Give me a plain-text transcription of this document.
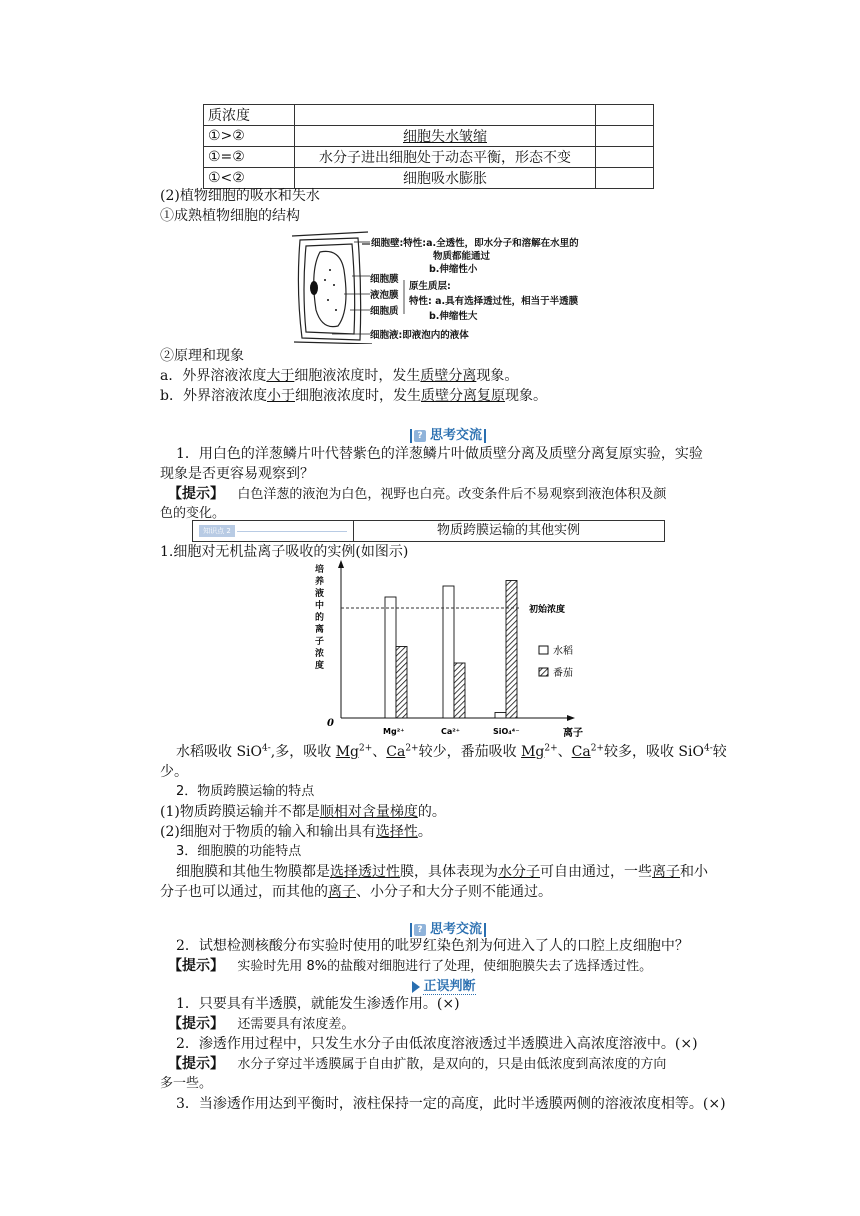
质浓度		
①>②	细胞失水皱缩	
①=②	水分子进出细胞处于动态平衡，形态不变	
①<②	细胞吸水膨胀	
(2)植物细胞的吸水和失水
①成熟植物细胞的结构
细胞壁:特性:a.全透性，即水分子和溶解在水里的
物质都能通过
b.伸缩性小
细胞膜
液泡膜
细胞质
原生质层:
特性: a.具有选择透过性，相当于半透膜
b.伸缩性大
细胞液:即液泡内的液体
②原理和现象
a．外界溶液浓度大于细胞液浓度时，发生质壁分离现象。
b．外界溶液浓度小于细胞液浓度时，发生质壁分离复原现象。
? 思考交流
1．用白色的洋葱鳞片叶代替紫色的洋葱鳞片叶做质壁分离及质壁分离复原实验，实验
现象是否更容易观察到？
【提示】 白色洋葱的液泡为白色，视野也白亮。改变条件后不易观察到液泡体积及颜
色的变化。
知识点 2	物质跨膜运输的其他实例
1.细胞对无机盐离子吸收的实例(如图示)
培
养
液
中
的
离
子
浓
度
0
离子
初始浓度
Mg²⁺	Ca²⁺	SiO₄⁴⁻
水稻
番茄
水稻吸收 SiO$^{4-}$,多，吸收 $Mg^{2+}$、$Ca^{2+}$较少，番茄吸收 $Mg^{2+}$、$Ca^{2+}$较多，吸收 SiO$^{4-}$较
少。
2．物质跨膜运输的特点
(1)物质跨膜运输并不都是顺相对含量梯度的。
(2)细胞对于物质的输入和输出具有选择性。
3．细胞膜的功能特点
细胞膜和其他生物膜都是选择透过性膜，具体表现为水分子可自由通过，一些离子和小
分子也可以通过，而其他的离子、小分子和大分子则不能通过。
? 思考交流
2．试想检测核酸分布实验时使用的吡罗红染色剂为何进入了人的口腔上皮细胞中？
【提示】 实验时先用 8%的盐酸对细胞进行了处理，使细胞膜失去了选择透过性。
正误判断
1．只要具有半透膜，就能发生渗透作用。(×)
【提示】 还需要具有浓度差。
2．渗透作用过程中，只发生水分子由低浓度溶液透过半透膜进入高浓度溶液中。(×)
【提示】 水分子穿过半透膜属于自由扩散，是双向的，只是由低浓度到高浓度的方向
多一些。
3．当渗透作用达到平衡时，液柱保持一定的高度，此时半透膜两侧的溶液浓度相等。(×)
